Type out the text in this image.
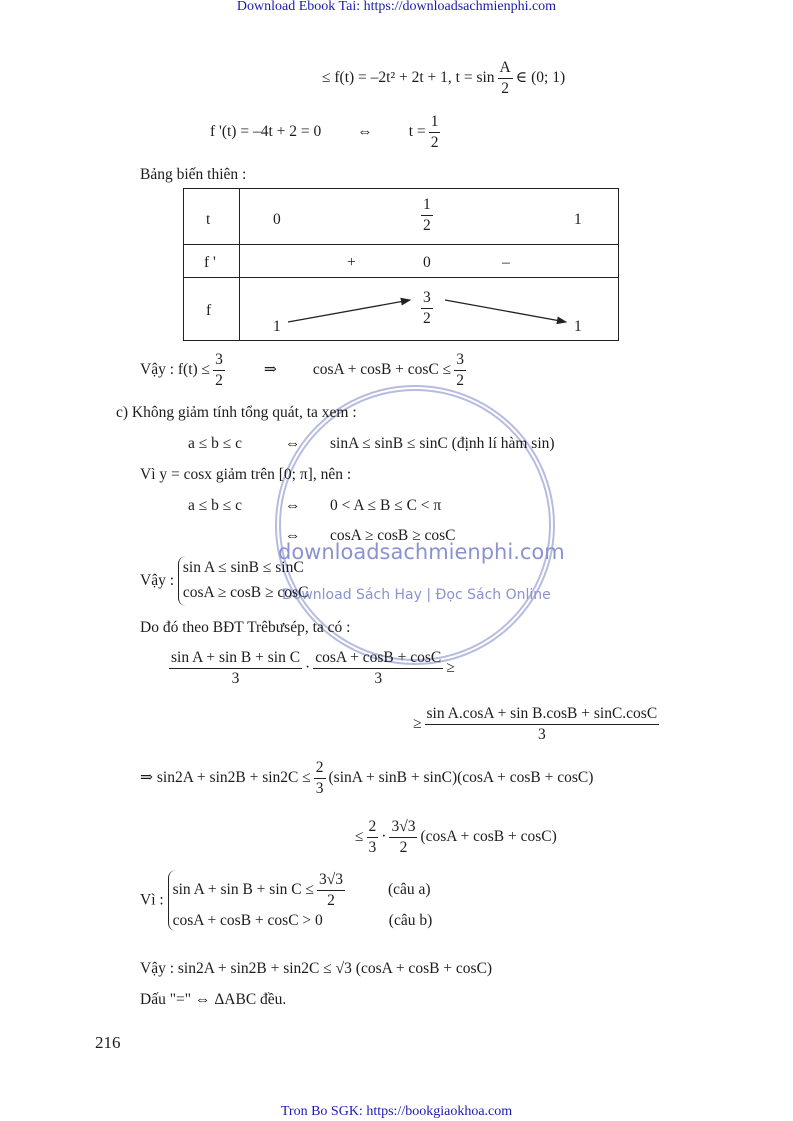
Download Ebook Tai: https://downloadsachmienphi.com
downloadsachmienphi.com
Download Sách Hay | Đọc Sách Online
≤ f(t) = –2t² + 2t + 1, $t = \sin \frac{A}{2}$ ∈ (0; 1)
f '(t) = –4t + 2 = 0 ⇔ $t = \frac{1}{2}$
Bảng biến thiên :
t	$0 \frac{1}{2} 1$

f '	+ 0 –

f	$1 \frac{3}{2} 1$
Vậy : $f(t) \le \frac{3}{2}$	⇒ $\cos A + \cos B + \cos C \le \frac{3}{2}$
c) Không giảm tính tổng quát, ta xem :
a ≤ b ≤ c	⇔ sinA ≤ sinB ≤ sinC (định lí hàm sin)
Vì y = cosx giảm trên [0; π], nên :
a ≤ b ≤ c	⇔ 0 < A ≤ B ≤ C < π
⇔ cosA ≥ cosB ≥ cosC
Vậy : sin A ≤ sinB ≤ sinC
cosA ≥ cosB ≥ cosC
Do đó theo BĐT Trêbưsép, ta có :
$\frac{\text{sin A + sin B + sin C}}{3} \cdot \frac{\cos A + \cos B + \cos C}{3}$ ≥
≥ $\frac{\text{sin A.cosA + sin B.cosB + sinC.cosC}}{3}$
⇒ $\sin 2A + \sin 2B + \sin 2C \le \frac{2}{3} (\sin A + \sin B + \sin C)(\cos A + \cos B + \cos C)$
≤ $\frac{2}{3} \cdot \frac{3√3}{2} (\cos A + \cos B + \cos C)$
Vì : $\sin A + \sin B + \sin C \le \frac{3√3}{2}$	(câu a)
cosA + cosB + cosC > 0	(câu b)
Vậy : sin2A + sin2B + sin2C ≤ √3 (cosA + cosB + cosC)
Dấu "=" ⇔ ΔABC đều.
216
Tron Bo SGK: https://bookgiaokhoa.com
